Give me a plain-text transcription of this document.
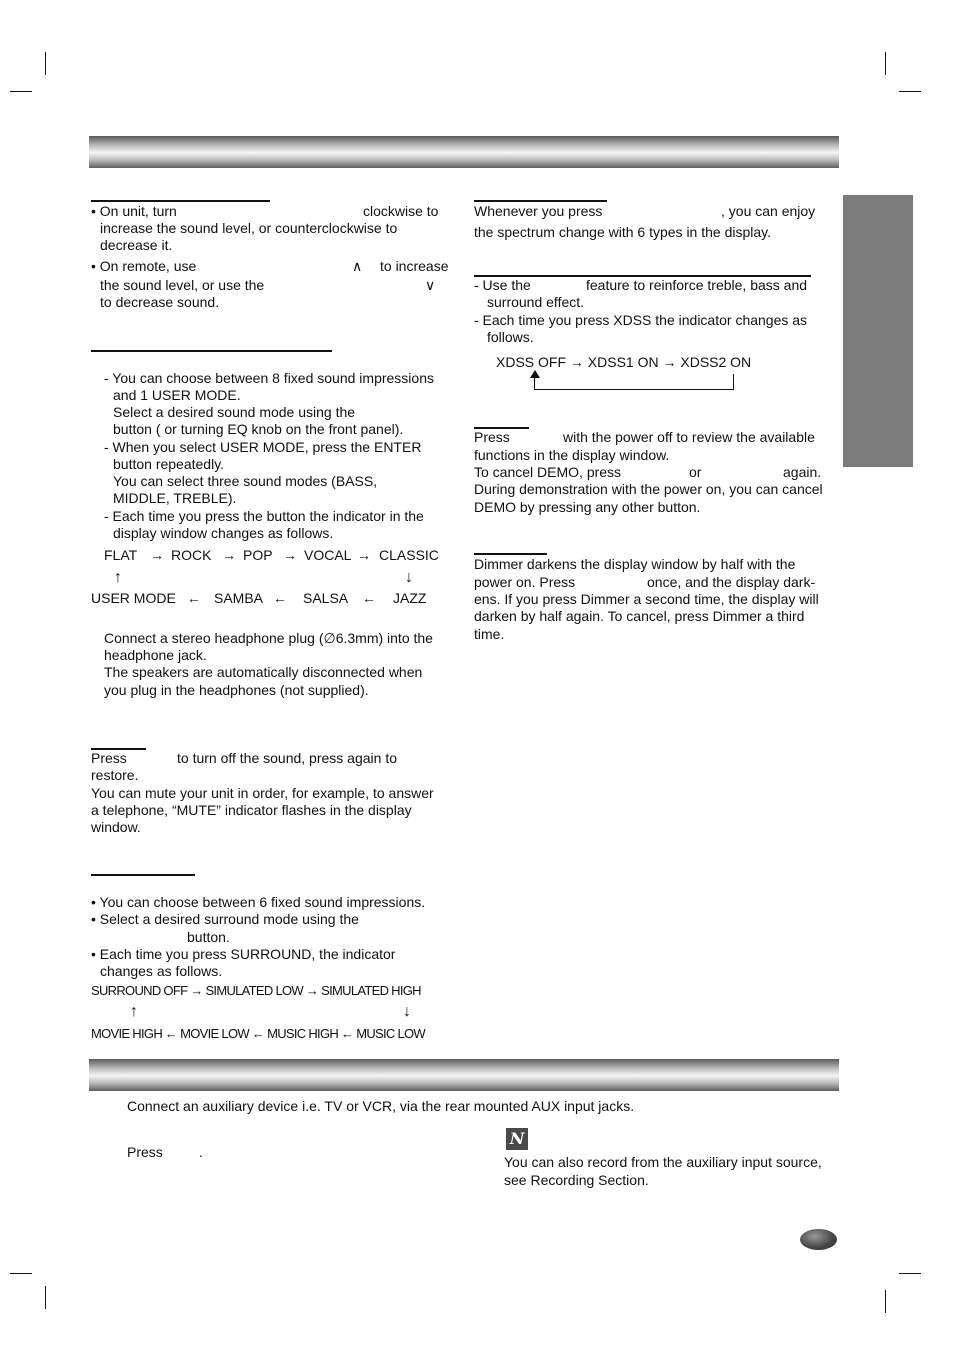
• On unit, turn	clockwise to
increase the sound level, or counterclockwise to
decrease it.
• On remote, use	∧ to increase
the sound level, or use the	∨
to decrease sound.
- You can choose between 8 fixed sound impressions
and 1 USER MODE.
Select a desired sound mode using the
button ( or turning EQ knob on the front panel).
- When you select USER MODE, press the ENTER
button repeatedly.
You can select three sound modes (BASS,
MIDDLE, TREBLE).
- Each time you press the button the indicator in the
display window changes as follows.
FLAT → ROCK → POP → VOCAL → CLASSIC
↑	↓
USER MODE ← SAMBA ← SALSA ← JAZZ
Connect a stereo headphone plug (∅6.3mm) into the
headphone jack.
The speakers are automatically disconnected when
you plug in the headphones (not supplied).
Press	to turn off the sound, press again to
restore.
You can mute your unit in order, for example, to answer
a telephone, “MUTE” indicator flashes in the display
window.
• You can choose between 6 fixed sound impressions.
• Select a desired surround mode using the
button.
• Each time you press SURROUND, the indicator
changes as follows.
SURROUND OFF → SIMULATED LOW → SIMULATED HIGH
↑	↓
MOVIE HIGH ← MOVIE LOW ← MUSIC HIGH ← MUSIC LOW
Whenever you press	, you can enjoy
the spectrum change with 6 types in the display.
- Use the	feature to reinforce treble, bass and
surround effect.
- Each time you press XDSS the indicator changes as
follows.
XDSS OFF → XDSS1 ON → XDSS2 ON
Press	with the power off to review the available
functions in the display window.
To cancel DEMO, press	or	again.
During demonstration with the power on, you can cancel
DEMO by pressing any other button.
Dimmer darkens the display window by half with the
power on. Press	once, and the display dark-
ens. If you press Dimmer a second time, the display will
darken by half again. To cancel, press Dimmer a third
time.
Connect an auxiliary device i.e. TV or VCR, via the rear mounted AUX input jacks.
Press	.
N
You can also record from the auxiliary input source,
see Recording Section.
